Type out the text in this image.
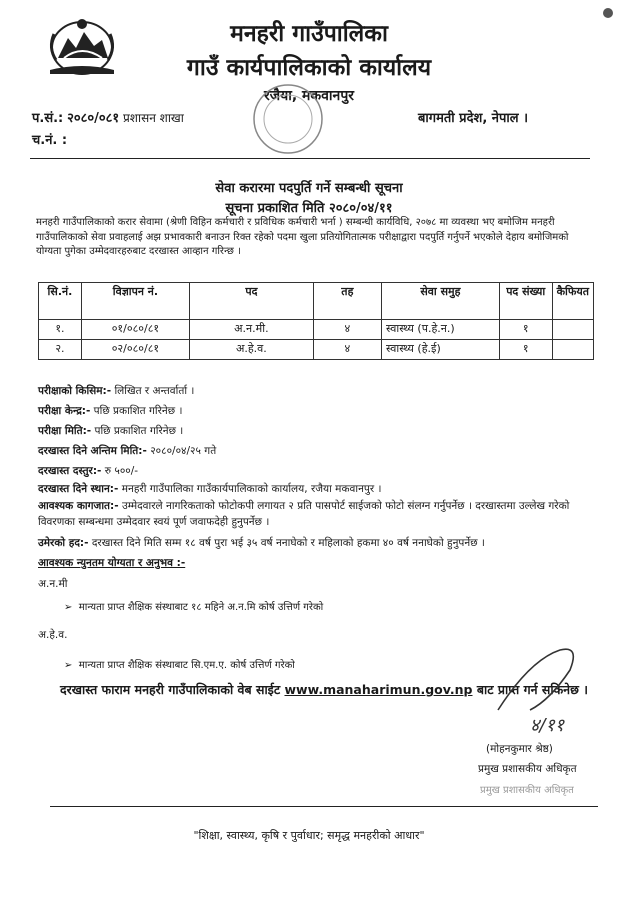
मनहरी गाउँपालिका
गाउँ कार्यपालिकाको कार्यालय
रजैया, मकवानपुर
प.सं.: २०८०/०८१ प्रशासन शाखा
च.नं. :
बागमती प्रदेश, नेपाल ।
सेवा करारमा पदपुर्ति गर्ने सम्बन्धी सूचना
सूचना प्रकाशित मिति २०८०/०४/११
मनहरी गाउँपालिकाको करार सेवामा (श्रेणी विहिन कर्मचारी र प्रविधिक कर्मचारी भर्ना ) सम्बन्धी कार्यविधि, २०७८ मा व्यवस्था भए बमोजिम मनहरी गाउँपालिकाको सेवा प्रवाहलाई अझ प्रभावकारी बनाउन रिक्त रहेको पदमा खुला प्रतियोगितात्मक परीक्षाद्वारा पदपुर्ति गर्नुपर्ने भएकोले देहाय बमोजिमको योग्यता पुगेका उम्मेदवारहरुबाट दरखास्त आव्हान गरिन्छ ।
सि.नं.	विज्ञापन नं.	पद	तह	सेवा समुह	पद संख्या	कैफियत
१.	०१/०८०/८१	अ.न.मी.	४	स्वास्थ्य (प.हे.न.)	१	
२.	०२/०८०/८१	अ.हे.व.	४	स्वास्थ्य (हे.ई)	१	
परीक्षाको किसिम:- लिखित र अन्तर्वार्ता ।
परीक्षा केन्द्र:- पछि प्रकाशित गरिनेछ ।
परीक्षा मिति:- पछि प्रकाशित गरिनेछ ।
दरखास्त दिने अन्तिम मिति:- २०८०/०४/२५ गते
दरखास्त दस्तुर:- रु ५००/-
दरखास्त दिने स्थान:- मनहरी गाउँपालिका गाउँकार्यपालिकाको कार्यालय, रजैया मकवानपुर ।
आवश्यक कागजात:- उम्मेदवारले नागरिकताको फोटोकपी लगायत २ प्रति पासपोर्ट साईजको फोटो संलग्न गर्नुपर्नेछ । दरखास्तमा उल्लेख गरेको विवरणका सम्बन्धमा उम्मेदवार स्वयं पूर्ण जवाफदेही हुनुपर्नेछ ।
उमेरको हद:- दरखास्त दिने मिति सम्म १८ वर्ष पुरा भई ३५ वर्ष ननाघेको र महिलाको हकमा ४० वर्ष ननाघेको हुनुपर्नेछ ।
आवश्यक न्युनतम योग्यता र अनुभव :-
अ.न.मी
➢ मान्यता प्राप्त शैक्षिक संस्थाबाट १८ महिने अ.न.मि कोर्ष उत्तिर्ण गरेको
अ.हे.व.
➢ मान्यता प्राप्त शैक्षिक संस्थाबाट सि.एम.ए. कोर्ष उत्तिर्ण गरेको
दरखास्त फाराम मनहरी गाउँपालिकाको वेब साईट www.manaharimun.gov.np बाट प्राप्त गर्न सकिनेछ ।
४/११
(मोहनकुमार श्रेष्ठ)
प्रमुख प्रशासकीय अधिकृत
प्रमुख प्रशासकीय अधिकृत
"शिक्षा, स्वास्थ्य, कृषि र पुर्वाधार; समृद्ध मनहरीको आधार"
